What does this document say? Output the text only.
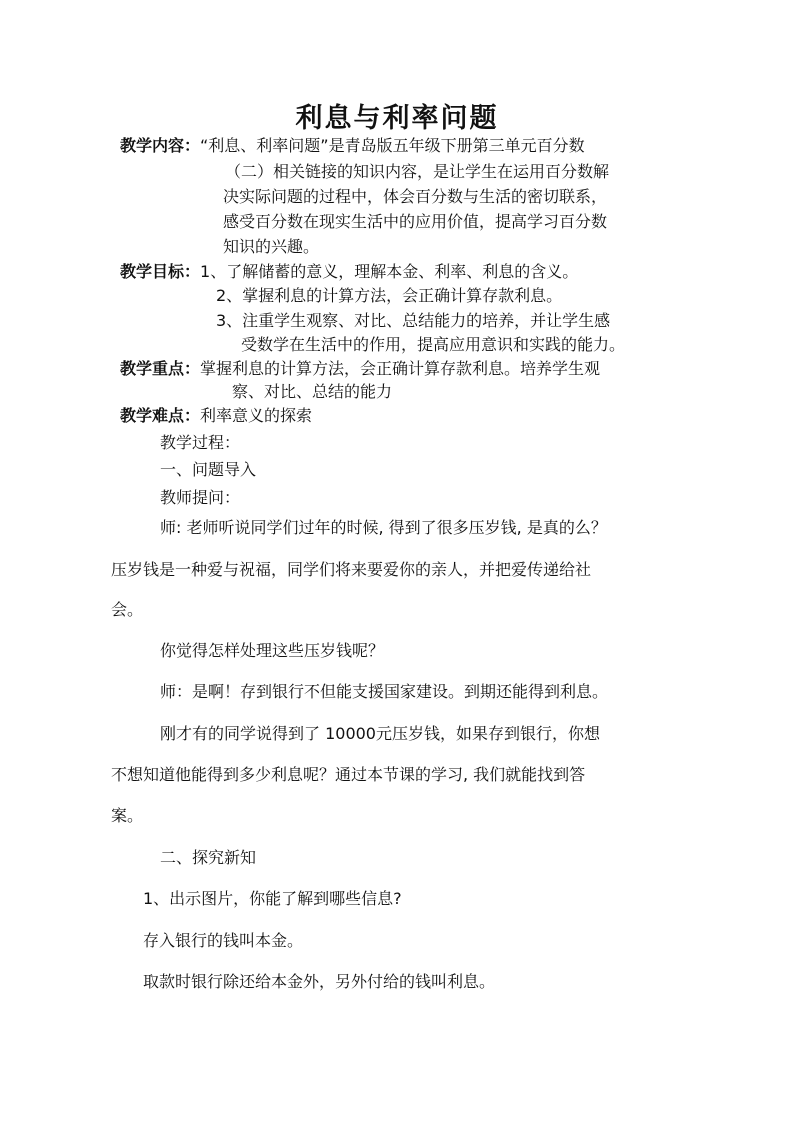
利息与利率问题
教学内容：“利息、利率问题”是青岛版五年级下册第三单元百分数
（二）相关链接的知识内容，是让学生在运用百分数解
决实际问题的过程中，体会百分数与生活的密切联系，
感受百分数在现实生活中的应用价值，提高学习百分数
知识的兴趣。
教学目标：1、了解储蓄的意义，理解本金、利率、利息的含义。
2、掌握利息的计算方法，会正确计算存款利息。
3、注重学生观察、对比、总结能力的培养，并让学生感
受数学在生活中的作用，提高应用意识和实践的能力。
教学重点：掌握利息的计算方法，会正确计算存款利息。培养学生观
察、对比、总结的能力
教学难点：利率意义的探索
教学过程：
一、问题导入
教师提问：
师: 老师听说同学们过年的时候, 得到了很多压岁钱, 是真的么？
压岁钱是一种爱与祝福，同学们将来要爱你的亲人，并把爱传递给社
会。
你觉得怎样处理这些压岁钱呢？
师：是啊！存到银行不但能支援国家建设。到期还能得到利息。
刚才有的同学说得到了 10000元压岁钱，如果存到银行，你想
不想知道他能得到多少利息呢？通过本节课的学习, 我们就能找到答
案。
二、探究新知
1、出示图片，你能了解到哪些信息?
存入银行的钱叫本金。
取款时银行除还给本金外，另外付给的钱叫利息。
